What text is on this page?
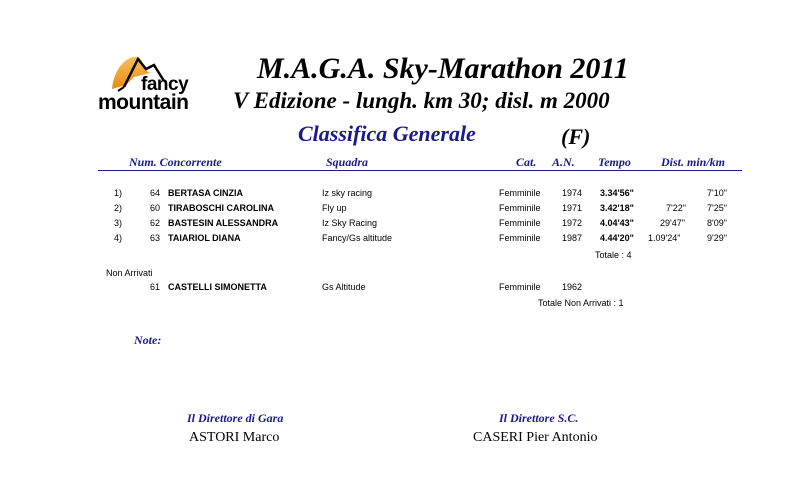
fancy
mountain
M.A.G.A. Sky-Marathon 2011
V Edizione - lungh. km 30; disl. m 2000
Classifica Generale	(F)
Num. Concorrente	Squadra	Cat. A.N. Tempo	Dist. min/km
1)	64 BERTASA CINZIA	Iz sky racing	Femminile 1974 3.34'56"	7'10"
2)	60 TIRABOSCHI CAROLINA	Fly up	Femminile 1971 3.42'18"	7'22" 7'25"
3)	62 BASTESIN ALESSANDRA	Iz Sky Racing	Femminile 1972 4.04'43"	29'47" 8'09"
4)	63 TAIARIOL DIANA	Fancy/Gs altitude	Femminile 1987 4.44'20" 1.09'24"	9'29"
Totale : 4
Non Arrivati
61 CASTELLI SIMONETTA	Gs Altitude	Femminile 1962
Totale Non Arrivati : 1
Note:
Il Direttore di Gara
ASTORI Marco
Il Direttore S.C.
CASERI Pier Antonio
